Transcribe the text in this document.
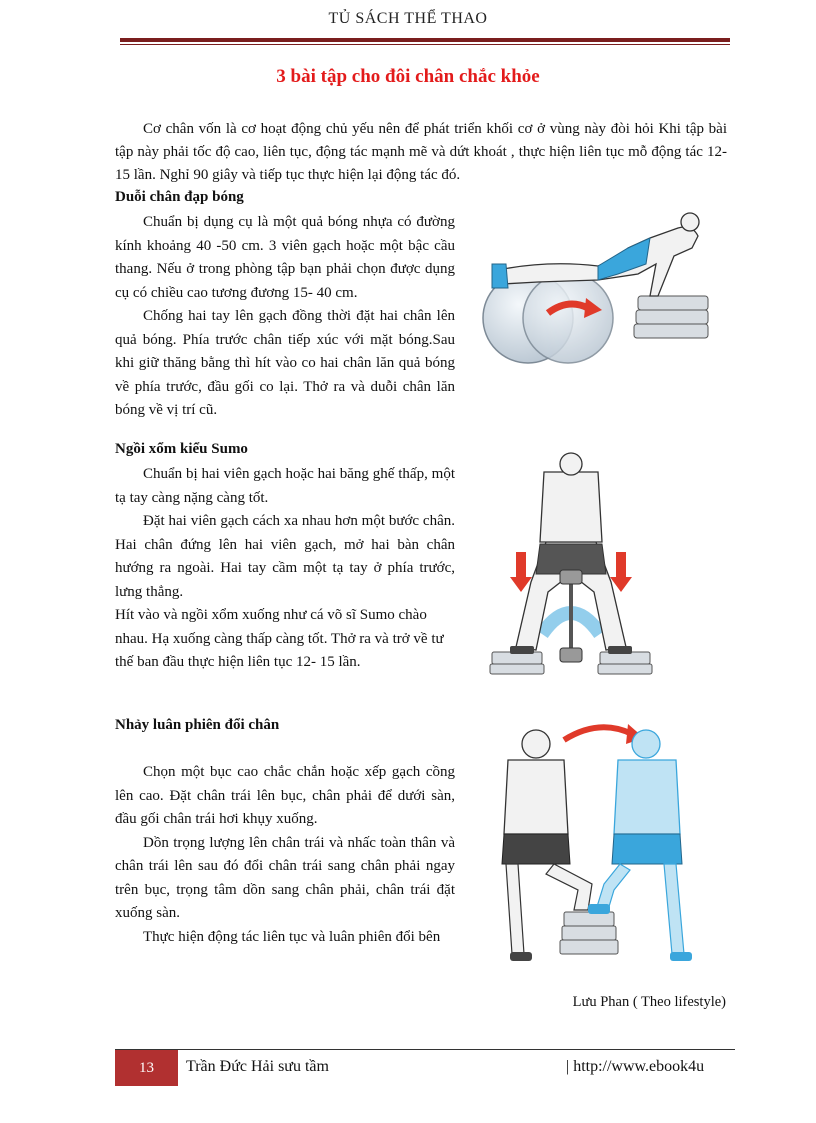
TỦ SÁCH THỂ THAO
3 bài tập cho đôi chân chắc khỏe

Cơ chân vốn là cơ hoạt động chủ yếu nên để phát triển khối cơ ở vùng này đòi hỏi Khi tập bài tập này phải tốc độ cao, liên tục, động tác mạnh mẽ và dứt khoát , thực hiện liên tục mỗ động tác 12- 15 lần. Nghỉ 90 giây và tiếp tục thực hiện lại động tác đó.

Duỗi chân đạp bóng

Chuẩn bị dụng cụ là một quả bóng nhựa có đường kính khoảng 40 -50 cm. 3 viên gạch hoặc một bậc cầu thang. Nếu ở trong phòng tập bạn phải chọn được dụng cụ có chiều cao tương đương 15- 40 cm.

Chống hai tay lên gạch đồng thời đặt hai chân lên quả bóng. Phía trước chân tiếp xúc với mặt bóng.Sau khi giữ thăng bằng thì hít vào co hai chân lăn quả bóng về phía trước, đầu gối co lại. Thở ra và duỗi chân lăn bóng về vị trí cũ.

Ngồi xổm kiểu Sumo

Chuẩn bị hai viên gạch hoặc hai băng ghế thấp, một tạ tay càng nặng càng tốt.

Đặt hai viên gạch cách xa nhau hơn một bước chân. Hai chân đứng lên hai viên gạch, mở hai bàn chân hướng ra ngoài. Hai tay cầm một tạ tay ở phía trước, lưng thẳng.

Hít vào và ngồi xổm xuống như cá võ sĩ Sumo chào nhau. Hạ xuống càng thấp càng tốt. Thở ra và trở về tư thế ban đầu thực hiện liên tục 12- 15 lần.

Nhảy luân phiên đổi chân

Chọn một bục cao chắc chắn hoặc xếp gạch cồng lên cao. Đặt chân trái lên bục, chân phải để dưới sàn, đầu gối chân trái hơi khụy xuống.

Dồn trọng lượng lên chân trái và nhấc toàn thân và chân trái lên sau đó đổi chân trái sang chân phải ngay trên bục, trọng tâm dồn sang chân phải, chân trái đặt xuống sàn.

Thực hiện động tác liên tục và luân phiên đổi bên

Lưu Phan ( Theo lifestyle)
13	Trần Đức Hải sưu tầm	| http://www.ebook4u
